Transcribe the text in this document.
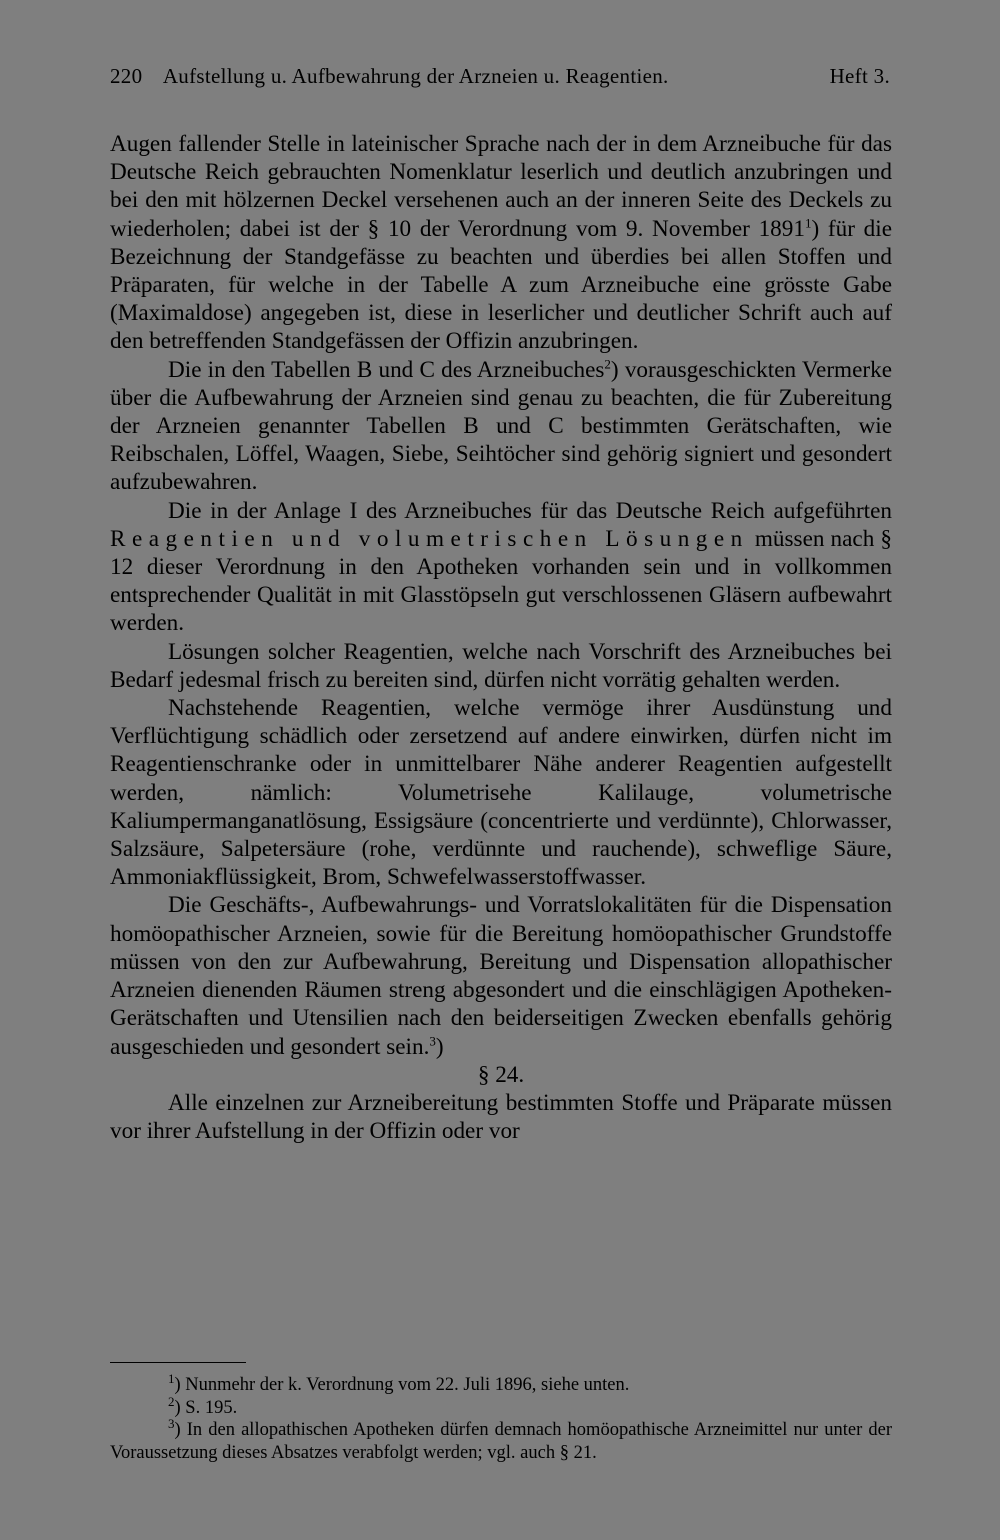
220 Aufstellung u. Aufbewahrung der Arzneien u. Reagentien.	Heft 3.

Augen fallender Stelle in lateinischer Sprache nach der in dem Arzneibuche für das Deutsche Reich gebrauchten Nomenklatur leserlich und deutlich anzubringen und bei den mit hölzernen Deckel versehenen auch an der inneren Seite des Deckels zu wiederholen; dabei ist der § 10 der Verordnung vom 9. November 1891$^1$) für die Bezeichnung der Standgefässe zu beachten und überdies bei allen Stoffen und Präparaten, für welche in der Tabelle A zum Arzneibuche eine grösste Gabe (Maximaldose) angegeben ist, diese in leserlicher und deutlicher Schrift auch auf den betreffenden Standgefässen der Offizin anzubringen.

Die in den Tabellen B und C des Arzneibuches$^2$) vorausgeschickten Vermerke über die Aufbewahrung der Arzneien sind genau zu beachten, die für Zubereitung der Arzneien genannter Tabellen B und C bestimmten Gerätschaften, wie Reibschalen, Löffel, Waagen, Siebe, Seihtöcher sind gehörig signiert und gesondert aufzubewahren.

Die in der Anlage I des Arzneibuches für das Deutsche Reich aufgeführten Reagentien und volumetrischen Lösungen müssen nach § 12 dieser Verordnung in den Apotheken vorhanden sein und in vollkommen entsprechender Qualität in mit Glasstöpseln gut verschlossenen Gläsern aufbewahrt werden.

Lösungen solcher Reagentien, welche nach Vorschrift des Arzneibuches bei Bedarf jedesmal frisch zu bereiten sind, dürfen nicht vorrätig gehalten werden.

Nachstehende Reagentien, welche vermöge ihrer Ausdünstung und Verflüchtigung schädlich oder zersetzend auf andere einwirken, dürfen nicht im Reagentienschranke oder in unmittelbarer Nähe anderer Reagentien aufgestellt werden, nämlich: Volumetrisehe Kalilauge, volumetrische Kaliumpermanganatlösung, Essigsäure (concentrierte und verdünnte), Chlorwasser, Salzsäure, Salpetersäure (rohe, verdünnte und rauchende), schweflige Säure, Ammoniakflüssigkeit, Brom, Schwefelwasserstoffwasser.

Die Geschäfts-, Aufbewahrungs- und Vorratslokalitäten für die Dispensation homöopathischer Arzneien, sowie für die Bereitung homöopathischer Grundstoffe müssen von den zur Aufbewahrung, Bereitung und Dispensation allopathischer Arzneien dienenden Räumen streng abgesondert und die einschlägigen Apotheken-Gerätschaften und Utensilien nach den beiderseitigen Zwecken ebenfalls gehörig ausgeschieden und gesondert sein.$^3$)

§ 24.

Alle einzelnen zur Arzneibereitung bestimmten Stoffe und Präparate müssen vor ihrer Aufstellung in der Offizin oder vor

$^1$) Nunmehr der k. Verordnung vom 22. Juli 1896, siehe unten.

$^2$) S. 195.

$^3$) In den allopathischen Apotheken dürfen demnach homöopathische Arzneimittel nur unter der Voraussetzung dieses Absatzes verabfolgt werden; vgl. auch § 21.
